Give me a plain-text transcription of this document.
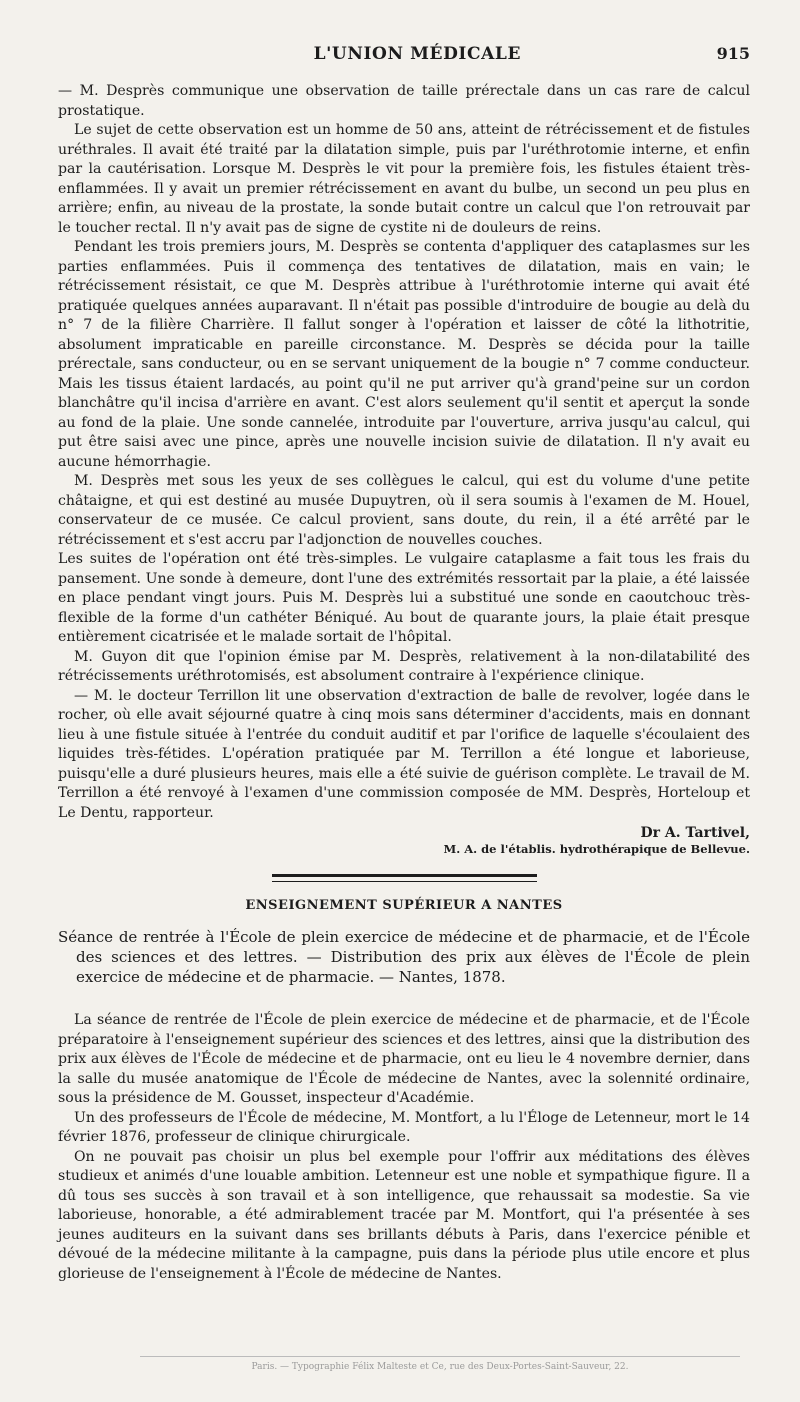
L'UNION MÉDICALE	915

— M. Desprès communique une observation de taille prérectale dans un cas rare de calcul prostatique.

Le sujet de cette observation est un homme de 50 ans, atteint de rétrécissement et de fistules uréthrales. Il avait été traité par la dilatation simple, puis par l'uréthrotomie interne, et enfin par la cautérisation. Lorsque M. Desprès le vit pour la première fois, les fistules étaient très-enflammées. Il y avait un premier rétrécissement en avant du bulbe, un second un peu plus en arrière; enfin, au niveau de la prostate, la sonde butait contre un calcul que l'on retrouvait par le toucher rectal. Il n'y avait pas de signe de cystite ni de douleurs de reins.

Pendant les trois premiers jours, M. Desprès se contenta d'appliquer des cataplasmes sur les parties enflammées. Puis il commença des tentatives de dilatation, mais en vain; le rétrécissement résistait, ce que M. Desprès attribue à l'uréthrotomie interne qui avait été pratiquée quelques années auparavant. Il n'était pas possible d'introduire de bougie au delà du n° 7 de la filière Charrière. Il fallut songer à l'opération et laisser de côté la lithotritie, absolument impraticable en pareille circonstance. M. Desprès se décida pour la taille prérectale, sans conducteur, ou en se servant uniquement de la bougie n° 7 comme conducteur. Mais les tissus étaient lardacés, au point qu'il ne put arriver qu'à grand'peine sur un cordon blanchâtre qu'il incisa d'arrière en avant. C'est alors seulement qu'il sentit et aperçut la sonde au fond de la plaie. Une sonde cannelée, introduite par l'ouverture, arriva jusqu'au calcul, qui put être saisi avec une pince, après une nouvelle incision suivie de dilatation. Il n'y avait eu aucune hémorrhagie.

M. Desprès met sous les yeux de ses collègues le calcul, qui est du volume d'une petite châtaigne, et qui est destiné au musée Dupuytren, où il sera soumis à l'examen de M. Houel, conservateur de ce musée. Ce calcul provient, sans doute, du rein, il a été arrêté par le rétrécissement et s'est accru par l'adjonction de nouvelles couches.

Les suites de l'opération ont été très-simples. Le vulgaire cataplasme a fait tous les frais du pansement. Une sonde à demeure, dont l'une des extrémités ressortait par la plaie, a été laissée en place pendant vingt jours. Puis M. Desprès lui a substitué une sonde en caoutchouc très-flexible de la forme d'un cathéter Béniqué. Au bout de quarante jours, la plaie était presque entièrement cicatrisée et le malade sortait de l'hôpital.

M. Guyon dit que l'opinion émise par M. Desprès, relativement à la non-dilatabilité des rétrécissements uréthrotomisés, est absolument contraire à l'expérience clinique.

— M. le docteur Terrillon lit une observation d'extraction de balle de revolver, logée dans le rocher, où elle avait séjourné quatre à cinq mois sans déterminer d'accidents, mais en donnant lieu à une fistule située à l'entrée du conduit auditif et par l'orifice de laquelle s'écoulaient des liquides très-fétides. L'opération pratiquée par M. Terrillon a été longue et laborieuse, puisqu'elle a duré plusieurs heures, mais elle a été suivie de guérison complète. Le travail de M. Terrillon a été renvoyé à l'examen d'une commission composée de MM. Desprès, Horteloup et Le Dentu, rapporteur.

Dr A. Tartivel,
M. A. de l'établis. hydrothérapique de Bellevue.
ENSEIGNEMENT SUPÉRIEUR A NANTES

Séance de rentrée à l'École de plein exercice de médecine et de pharmacie, et de l'École des sciences et des lettres. — Distribution des prix aux élèves de l'École de plein exercice de médecine et de pharmacie. — Nantes, 1878.

La séance de rentrée de l'École de plein exercice de médecine et de pharmacie, et de l'École préparatoire à l'enseignement supérieur des sciences et des lettres, ainsi que la distribution des prix aux élèves de l'École de médecine et de pharmacie, ont eu lieu le 4 novembre dernier, dans la salle du musée anatomique de l'École de médecine de Nantes, avec la solennité ordinaire, sous la présidence de M. Gousset, inspecteur d'Académie.

Un des professeurs de l'École de médecine, M. Montfort, a lu l'Éloge de Letenneur, mort le 14 février 1876, professeur de clinique chirurgicale.

On ne pouvait pas choisir un plus bel exemple pour l'offrir aux méditations des élèves studieux et animés d'une louable ambition. Letenneur est une noble et sympathique figure. Il a dû tous ses succès à son travail et à son intelligence, que rehaussait sa modestie. Sa vie laborieuse, honorable, a été admirablement tracée par M. Montfort, qui l'a présentée à ses jeunes auditeurs en la suivant dans ses brillants débuts à Paris, dans l'exercice pénible et dévoué de la médecine militante à la campagne, puis dans la période plus utile encore et plus glorieuse de l'enseignement à l'École de médecine de Nantes.

Paris. — Typographie Félix Malteste et Ce, rue des Deux-Portes-Saint-Sauveur, 22.
